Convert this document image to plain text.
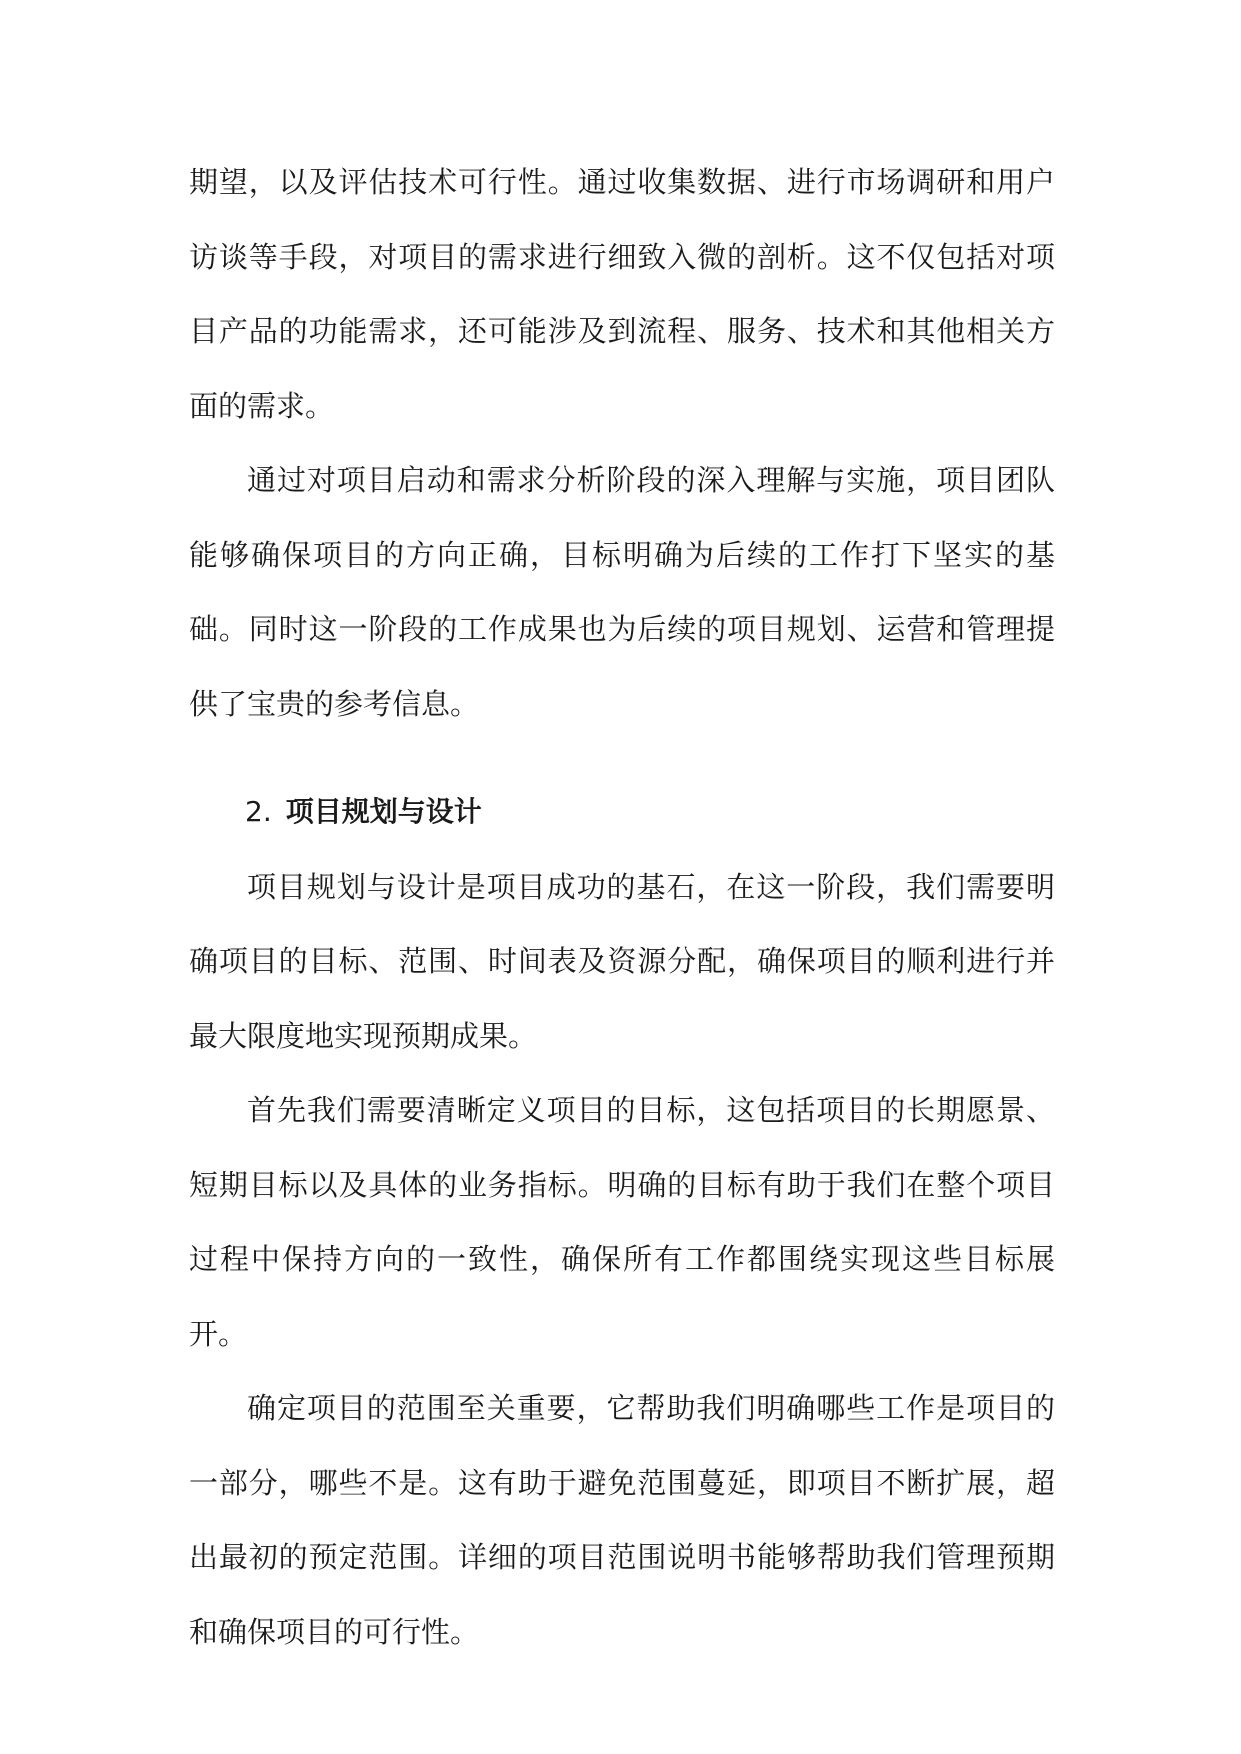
期望，以及评估技术可行性。通过收集数据、进行市场调研和用户访谈等手段，对项目的需求进行细致入微的剖析。这不仅包括对项目产品的功能需求，还可能涉及到流程、服务、技术和其他相关方面的需求。

通过对项目启动和需求分析阶段的深入理解与实施，项目团队能够确保项目的方向正确，目标明确为后续的工作打下坚实的基础。同时这一阶段的工作成果也为后续的项目规划、运营和管理提供了宝贵的参考信息。

2. 项目规划与设计

项目规划与设计是项目成功的基石，在这一阶段，我们需要明确项目的目标、范围、时间表及资源分配，确保项目的顺利进行并最大限度地实现预期成果。

首先我们需要清晰定义项目的目标，这包括项目的长期愿景、短期目标以及具体的业务指标。明确的目标有助于我们在整个项目过程中保持方向的一致性，确保所有工作都围绕实现这些目标展开。

确定项目的范围至关重要，它帮助我们明确哪些工作是项目的一部分，哪些不是。这有助于避免范围蔓延，即项目不断扩展，超出最初的预定范围。详细的项目范围说明书能够帮助我们管理预期和确保项目的可行性。
